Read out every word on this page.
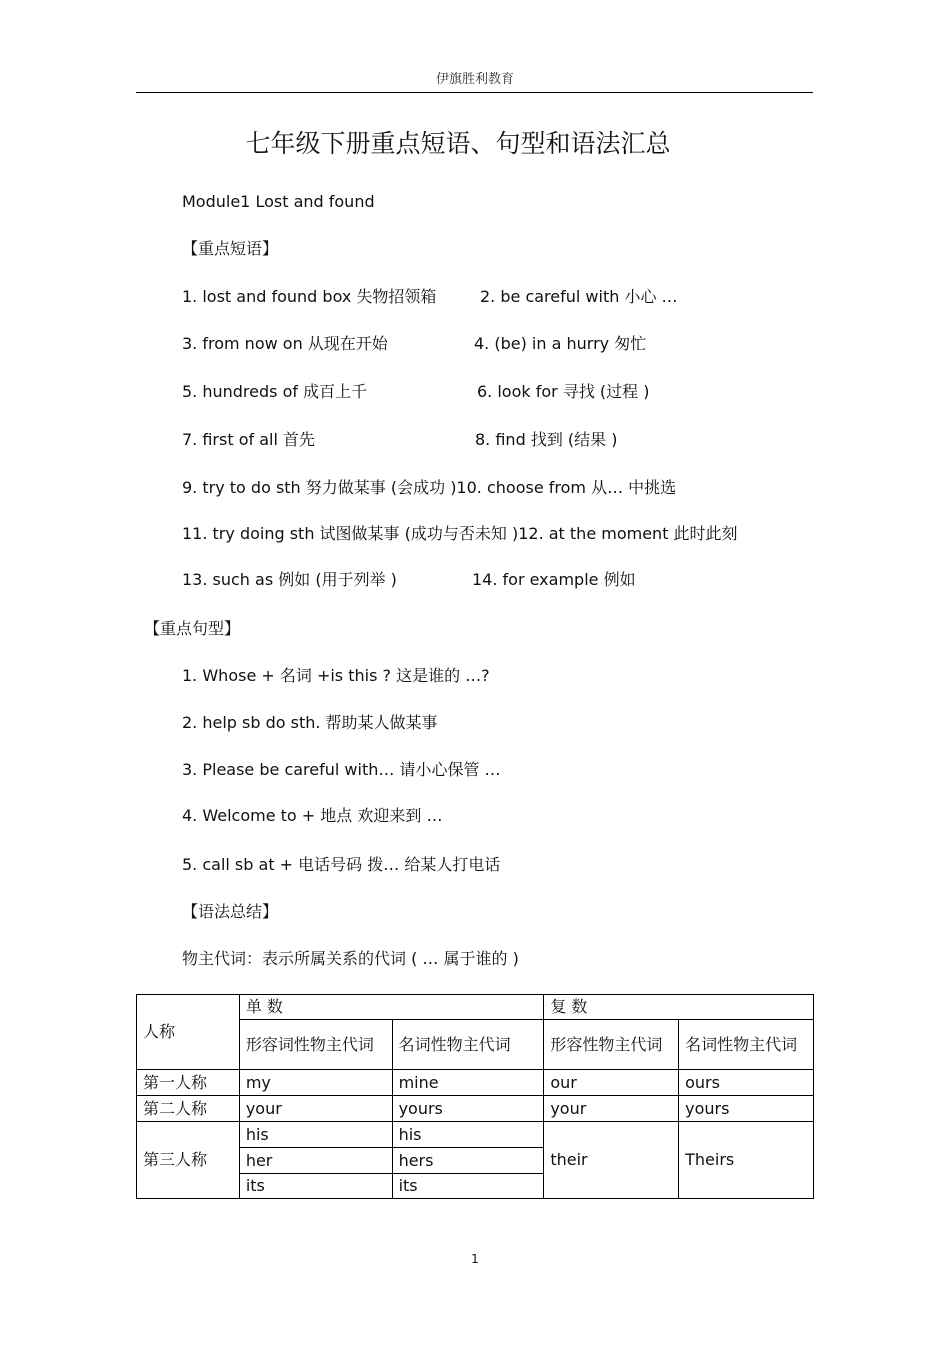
伊旗胜利教育
七年级下册重点短语、句型和语法汇总
Module1 Lost and found
【重点短语】
1. lost and found box 失物招领箱	2. be careful with 小心 …
3. from now on 从现在开始	4. (be) in a hurry 匆忙
5. hundreds of 成百上千	6. look for 寻找 (过程 )
7. first of all 首先	8. find 找到 (结果 )
9. try to do sth 努力做某事 (会成功 )10. choose from 从… 中挑选
11. try doing sth 试图做某事 (成功与否未知 )12. at the moment 此时此刻
13. such as 例如 (用于列举 )	14. for example 例如
【重点句型】
1. Whose + 名词 +is this ? 这是谁的 …?
2. help sb do sth. 帮助某人做某事
3. Please be careful with… 请小心保管 …
4. Welcome to + 地点 欢迎来到 …
5. call sb at + 电话号码 拨… 给某人打电话
【语法总结】
物主代词：表示所属关系的代词 ( … 属于谁的 )
人称	单 数		复 数	
	形容词性物主代词	名词性物主代词	形容性物主代词	名词性物主代词
第一人称	my	mine	our	ours
第二人称	your	yours	your	yours
第三人称	his	his	their	Theirs
	her	hers		
	its	its		
1
